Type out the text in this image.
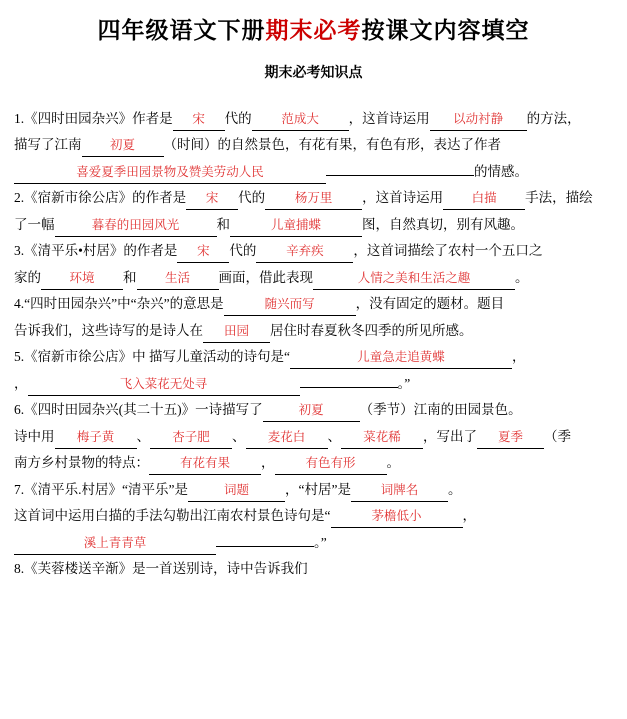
四年级语文下册期末必考按课文内容填空
期末必考知识点

1.《四时田园杂兴》作者是 宋 代的 范成大 ，这首诗运用 以动衬静 的方法，

描写了江南 初夏 （时间）的自然景色，有花有果，有色有形，表达了作者

喜爱夏季田园景物及赞美劳动人民	的情感。

2.《宿新市徐公店》的作者是 宋 代的 杨万里 ，这首诗运用 白描 手法，描绘

了一幅	暮春的田园风光	和	儿童捕蝶	图，自然真切，别有风趣。

3.《清平乐•村居》的作者是 宋 代的 辛弃疾 ，这首词描绘了农村一个五口之

家的 环境 和 生活 画面，借此表现	人情之美和生活之趣	。

4.“四时田园杂兴”中“杂兴”的意思是	随兴而写	，没有固定的题材。题目

告诉我们，这些诗写的是诗人在 田园 居住时春夏秋冬四季的所见所感。

5.《宿新市徐公店》中 描写儿童活动的诗句是“	儿童急走追黄蝶	，

，	飞入菜花无处寻	。”

6.《四时田园杂兴(其二十五)》一诗描写了	初夏	（季节）江南的田园景色。

诗中用 梅子黄 、 杏子肥 、 麦花白 、 菜花稀 ，写出了 夏季 （季

南方乡村景物的特点： 有花有果 ， 有色有形 。

7.《清平乐.村居》“清平乐”是	词题	，“村居”是 词牌名 。

这首词中运用白描的手法勾勒出江南农村景色诗句是“	茅檐低小	，

溪上青青草	。”

8.《芙蓉楼送辛渐》是一首送别诗，诗中告诉我们
